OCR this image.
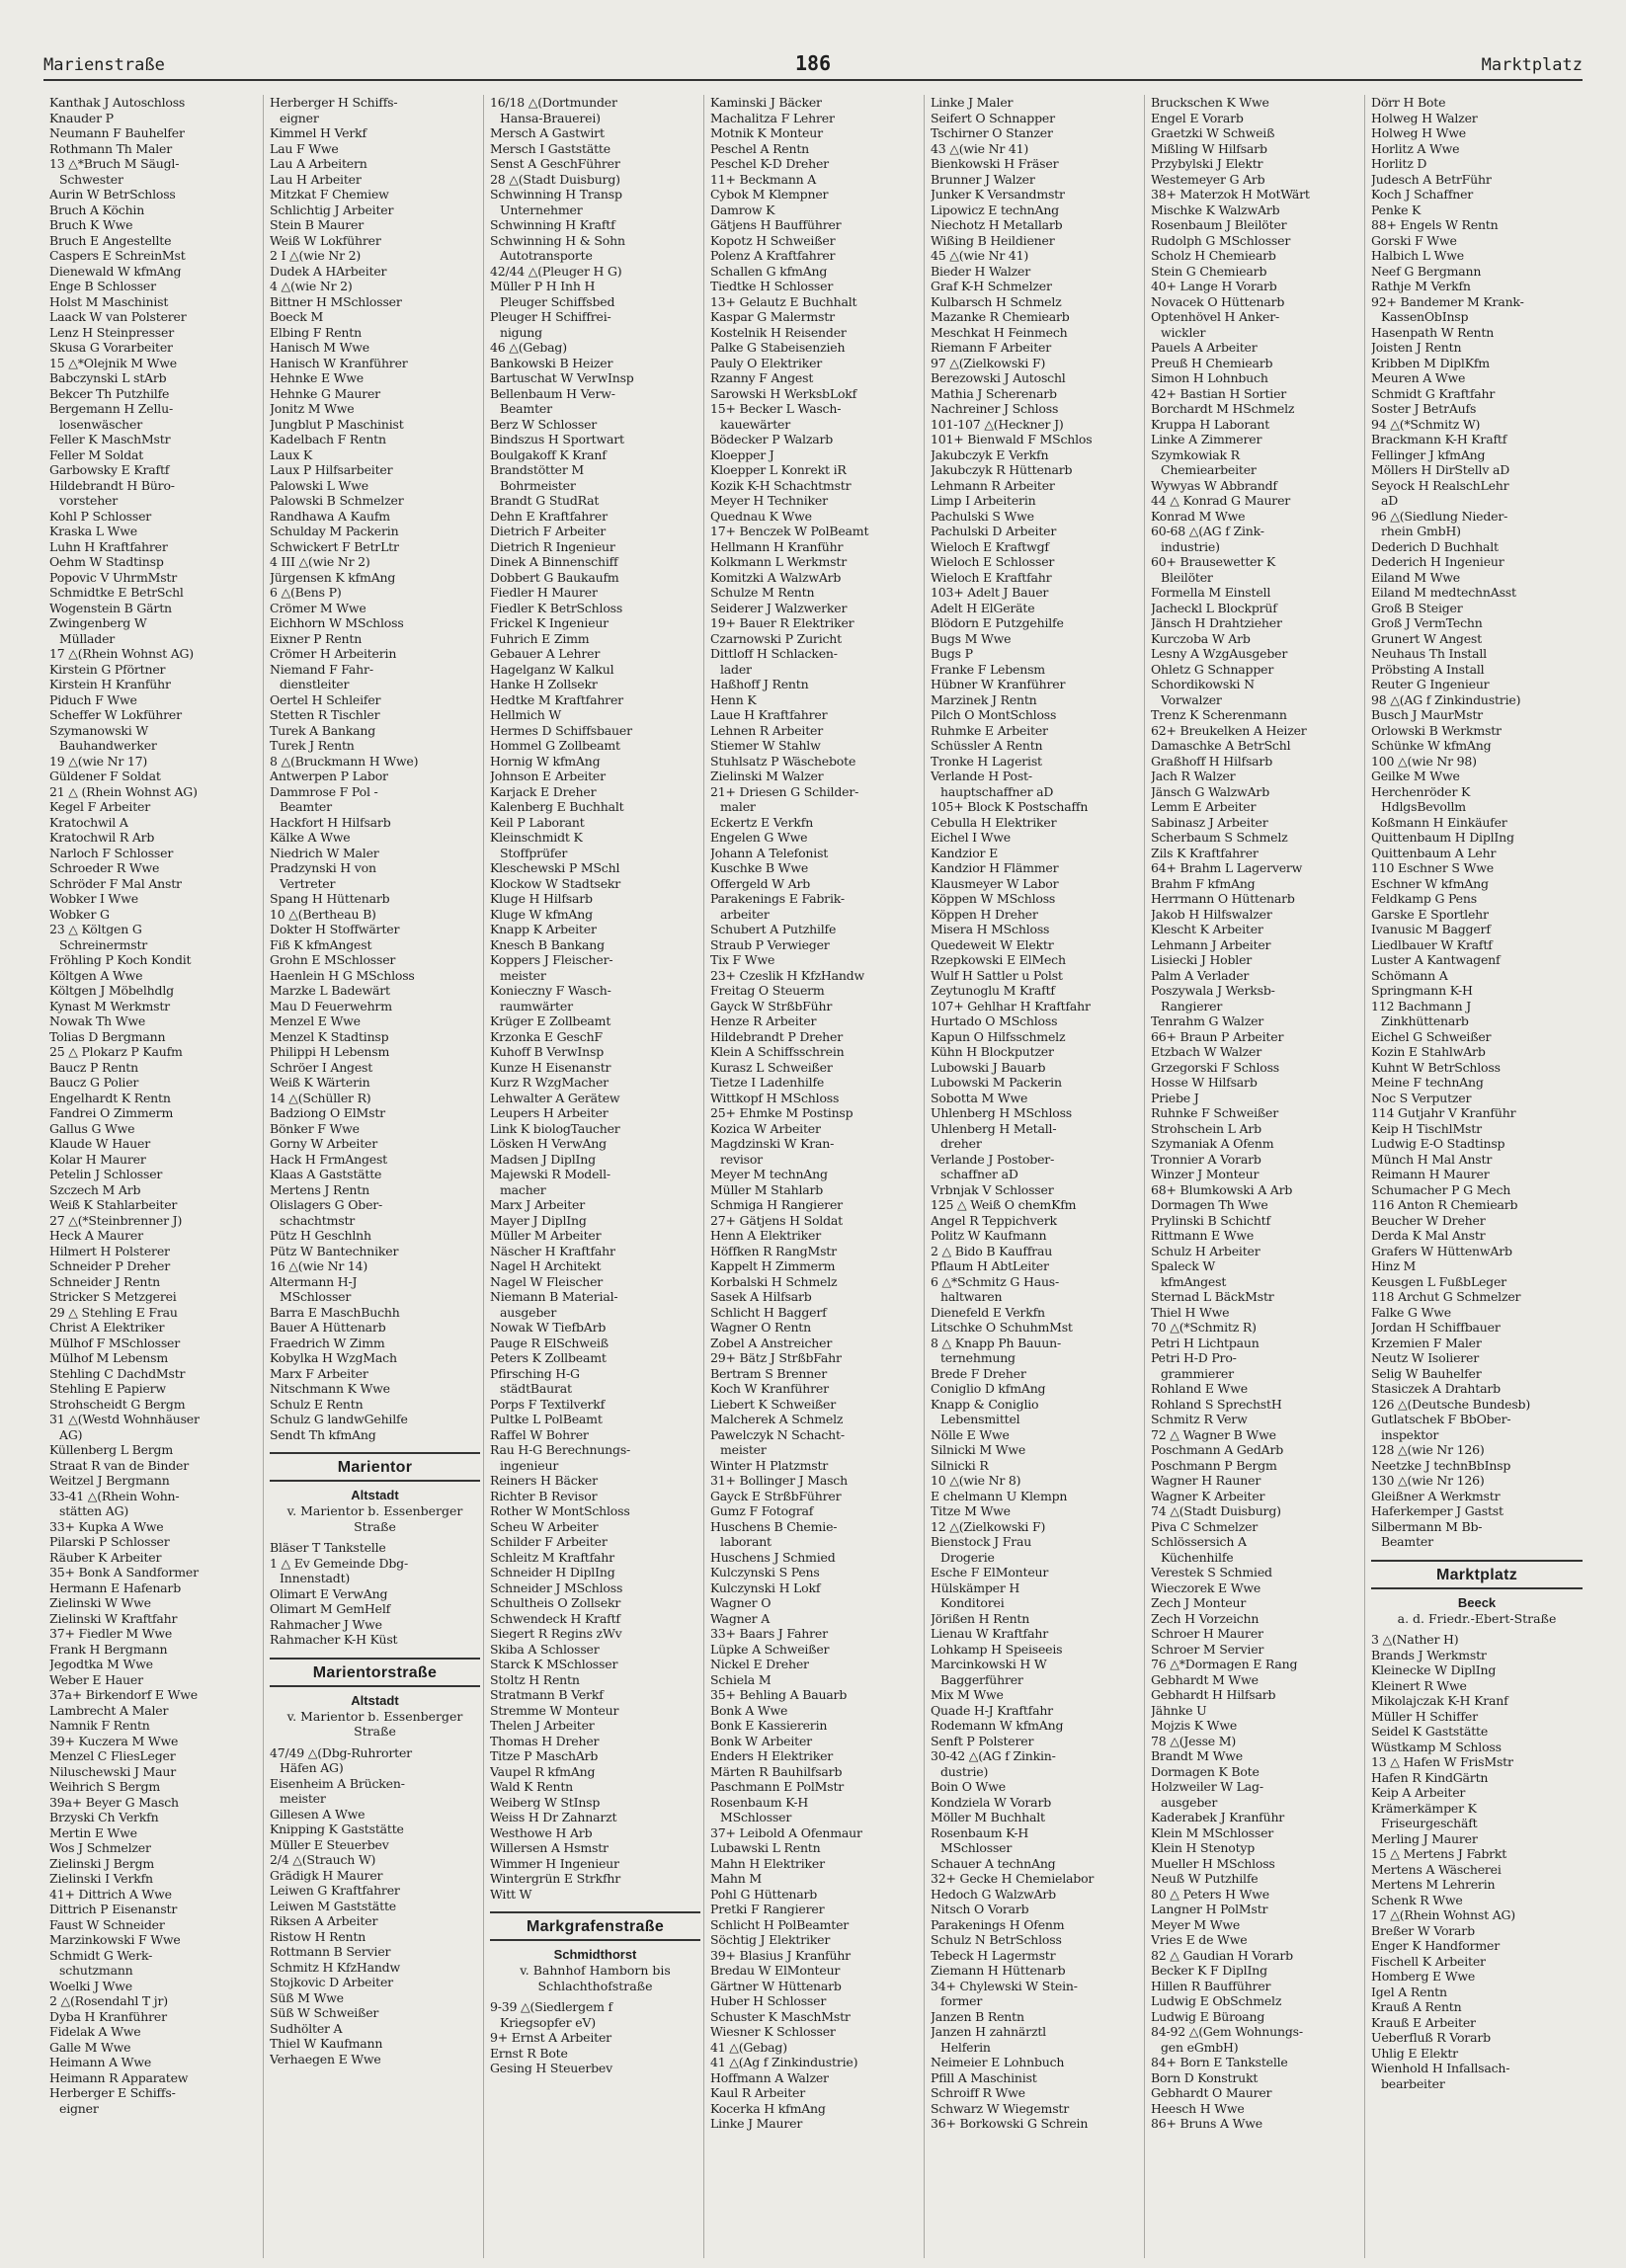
Marienstraße	186	Marktplatz
Kanthak J Autoschloss
Knauder P
Neumann F Bauhelfer
Rothmann Th Maler
13 △*Bruch M Säugl-
Schwester
Aurin W BetrSchloss
Bruch A Köchin
Bruch K Wwe
Bruch E Angestellte
Caspers E SchreinMst
Dienewald W kfmAng
Enge B Schlosser
Holst M Maschinist
Laack W van Polsterer
Lenz H Steinpresser
Skusa G Vorarbeiter
15 △*Olejnik M Wwe
Babczynski L stArb
Bekcer Th Putzhilfe
Bergemann H Zellu-
losenwäscher
Feller K MaschMstr
Feller M Soldat
Garbowsky E Kraftf
Hildebrandt H Büro-
vorsteher
Kohl P Schlosser
Kraska L Wwe
Luhn H Kraftfahrer
Oehm W Stadtinsp
Popovic V UhrmMstr
Schmidtke E BetrSchl
Wogenstein B Gärtn
Zwingenberg W
Müllader
17 △(Rhein Wohnst AG)
Kirstein G Pförtner
Kirstein H Kranführ
Piduch F Wwe
Scheffer W Lokführer
Szymanowski W
Bauhandwerker
19 △(wie Nr 17)
Güldener F Soldat
21 △ (Rhein Wohnst AG)
Kegel F Arbeiter
Kratochwil A
Kratochwil R Arb
Narloch F Schlosser
Schroeder R Wwe
Schröder F Mal Anstr
Wobker I Wwe
Wobker G
23 △ Költgen G
Schreinermstr
Fröhling P Koch Kondit
Költgen A Wwe
Költgen J Möbelhdlg
Kynast M Werkmstr
Nowak Th Wwe
Tolias D Bergmann
25 △ Plokarz P Kaufm
Baucz P Rentn
Baucz G Polier
Engelhardt K Rentn
Fandrei O Zimmerm
Gallus G Wwe
Klaude W Hauer
Kolar H Maurer
Petelin J Schlosser
Szczech M Arb
Weiß K Stahlarbeiter
27 △(*Steinbrenner J)
Heck A Maurer
Hilmert H Polsterer
Schneider P Dreher
Schneider J Rentn
Stricker S Metzgerei
29 △ Stehling E Frau
Christ A Elektriker
Mülhof F MSchlosser
Mülhof M Lebensm
Stehling C DachdMstr
Stehling E Papierw
Strohscheidt G Bergm
31 △(Westd Wohnhäuser
AG)
Küllenberg L Bergm
Straat R van de Binder
Weitzel J Bergmann
33-41 △(Rhein Wohn-
stätten AG)
33+ Kupka A Wwe
Pilarski P Schlosser
Räuber K Arbeiter
35+ Bonk A Sandformer
Hermann E Hafenarb
Zielinski W Wwe
Zielinski W Kraftfahr
37+ Fiedler M Wwe
Frank H Bergmann
Jegodtka M Wwe
Weber E Hauer
37a+ Birkendorf E Wwe
Lambrecht A Maler
Namnik F Rentn
39+ Kuczera M Wwe
Menzel C FliesLeger
Niluschewski J Maur
Weihrich S Bergm
39a+ Beyer G Masch
Brzyski Ch Verkfn
Mertin E Wwe
Wos J Schmelzer
Zielinski J Bergm
Zielinski I Verkfn
41+ Dittrich A Wwe
Dittrich P Eisenanstr
Faust W Schneider
Marzinkowski F Wwe
Schmidt G Werk-
schutzmann
Woelki J Wwe
2 △(Rosendahl T jr)
Dyba H Kranführer
Fidelak A Wwe
Galle M Wwe
Heimann A Wwe
Heimann R Apparatew
Herberger E Schiffs-
eigner
Herberger H Schiffs-
eigner
Kimmel H Verkf
Lau F Wwe
Lau A Arbeitern
Lau H Arbeiter
Mitzkat F Chemiew
Schlichtig J Arbeiter
Stein B Maurer
Weiß W Lokführer
2 I △(wie Nr 2)
Dudek A HArbeiter
4 △(wie Nr 2)
Bittner H MSchlosser
Boeck M
Elbing F Rentn
Hanisch M Wwe
Hanisch W Kranführer
Hehnke E Wwe
Hehnke G Maurer
Jonitz M Wwe
Jungblut P Maschinist
Kadelbach F Rentn
Laux K
Laux P Hilfsarbeiter
Palowski L Wwe
Palowski B Schmelzer
Randhawa A Kaufm
Schulday M Packerin
Schwickert F BetrLtr
4 III △(wie Nr 2)
Jürgensen K kfmAng
6 △(Bens P)
Crömer M Wwe
Eichhorn W MSchloss
Eixner P Rentn
Crömer H Arbeiterin
Niemand F Fahr-
dienstleiter
Oertel H Schleifer
Stetten R Tischler
Turek A Bankang
Turek J Rentn
8 △(Bruckmann H Wwe)
Antwerpen P Labor
Dammrose F Pol -
Beamter
Hackfort H Hilfsarb
Kälke A Wwe
Niedrich W Maler
Pradzynski H von
Vertreter
Spang H Hüttenarb
10 △(Bertheau B)
Dokter H Stoffwärter
Fiß K kfmAngest
Grohn E MSchlosser
Haenlein H G MSchloss
Marzke L Badewärt
Mau D Feuerwehrm
Menzel E Wwe
Menzel K Stadtinsp
Philippi H Lebensm
Schröer I Angest
Weiß K Wärterin
14 △(Schüller R)
Badziong O ElMstr
Bönker F Wwe
Gorny W Arbeiter
Hack H FrmAngest
Klaas A Gaststätte
Mertens J Rentn
Olislagers G Ober-
schachtmstr
Pütz H Geschlnh
Pütz W Bantechniker
16 △(wie Nr 14)
Altermann H-J
MSchlosser
Barra E MaschBuchh
Bauer A Hüttenarb
Fraedrich W Zimm
Kobylka H WzgMach
Marx F Arbeiter
Nitschmann K Wwe
Schulz E Rentn
Schulz G landwGehilfe
Sendt Th kfmAng
Marientor
Altstadt
v. Marientor b. Essenberger Straße
Bläser T Tankstelle
1 △ Ev Gemeinde Dbg-
Innenstadt)
Olimart E VerwAng
Olimart M GemHelf
Rahmacher J Wwe
Rahmacher K-H Küst
Marientorstraße
Altstadt
v. Marientor b. Essenberger Straße
47/49 △(Dbg-Ruhrorter
Häfen AG)
Eisenheim A Brücken-
meister
Gillesen A Wwe
Knipping K Gaststätte
Müller E Steuerbev
2/4 △(Strauch W)
Grädigk H Maurer
Leiwen G Kraftfahrer
Leiwen M Gaststätte
Riksen A Arbeiter
Ristow H Rentn
Rottmann B Servier
Schmitz H KfzHandw
Stojkovic D Arbeiter
Süß M Wwe
Süß W Schweißer
Sudhölter A
Thiel W Kaufmann
Verhaegen E Wwe
16/18 △(Dortmunder
Hansa-Brauerei)
Mersch A Gastwirt
Mersch I Gaststätte
Senst A GeschFührer
28 △(Stadt Duisburg)
Schwinning H Transp
Unternehmer
Schwinning H Kraftf
Schwinning H & Sohn
Autotransporte
42/44 △(Pleuger H G)
Müller P H Inh H
Pleuger Schiffsbed
Pleuger H Schiffrei-
nigung
46 △(Gebag)
Bankowski B Heizer
Bartuschat W VerwInsp
Bellenbaum H Verw-
Beamter
Berz W Schlosser
Bindszus H Sportwart
Boulgakoff K Kranf
Brandstötter M
Bohrmeister
Brandt G StudRat
Dehn E Kraftfahrer
Dietrich F Arbeiter
Dietrich R Ingenieur
Dinek A Binnenschiff
Dobbert G Baukaufm
Fiedler H Maurer
Fiedler K BetrSchloss
Frickel K Ingenieur
Fuhrich E Zimm
Gebauer A Lehrer
Hagelganz W Kalkul
Hanke H Zollsekr
Hedtke M Kraftfahrer
Hellmich W
Hermes D Schiffsbauer
Hommel G Zollbeamt
Hornig W kfmAng
Johnson E Arbeiter
Karjack E Dreher
Kalenberg E Buchhalt
Keil P Laborant
Kleinschmidt K
Stoffprüfer
Kleschewski P MSchl
Klockow W Stadtsekr
Kluge H Hilfsarb
Kluge W kfmAng
Knapp K Arbeiter
Knesch B Bankang
Koppers J Fleischer-
meister
Konieczny F Wasch-
raumwärter
Krüger E Zollbeamt
Krzonka E GeschF
Kuhoff B VerwInsp
Kunze H Eisenanstr
Kurz R WzgMacher
Lehwalter A Gerätew
Leupers H Arbeiter
Link K biologTaucher
Lösken H VerwAng
Madsen J DiplIng
Majewski R Modell-
macher
Marx J Arbeiter
Mayer J DiplIng
Müller M Arbeiter
Näscher H Kraftfahr
Nagel H Architekt
Nagel W Fleischer
Niemann B Material-
ausgeber
Nowak W TiefbArb
Pauge R ElSchweiß
Peters K Zollbeamt
Pfirsching H-G
städtBaurat
Porps F Textilverkf
Pultke L PolBeamt
Raffel W Bohrer
Rau H-G Berechnungs-
ingenieur
Reiners H Bäcker
Richter B Revisor
Rother W MontSchloss
Scheu W Arbeiter
Schilder F Arbeiter
Schleitz M Kraftfahr
Schneider H DiplIng
Schneider J MSchloss
Schultheis O Zollsekr
Schwendeck H Kraftf
Siegert R Regins zWv
Skiba A Schlosser
Starck K MSchlosser
Stoltz H Rentn
Stratmann B Verkf
Stremme W Monteur
Thelen J Arbeiter
Thomas H Dreher
Titze P MaschArb
Vaupel R kfmAng
Wald K Rentn
Weiberg W StInsp
Weiss H Dr Zahnarzt
Westhowe H Arb
Willersen A Hsmstr
Wimmer H Ingenieur
Wintergrün E Strkfhr
Witt W
Markgrafenstraße
Schmidthorst
v. Bahnhof Hamborn bis Schlachthofstraße
9-39 △(Siedlergem f
Kriegsopfer eV)
9+ Ernst A Arbeiter
Ernst R Bote
Gesing H Steuerbev
Kaminski J Bäcker
Machalitza F Lehrer
Motnik K Monteur
Peschel A Rentn
Peschel K-D Dreher
11+ Beckmann A
Cybok M Klempner
Damrow K
Gätjens H Baufführer
Kopotz H Schweißer
Polenz A Kraftfahrer
Schallen G kfmAng
Tiedtke H Schlosser
13+ Gelautz E Buchhalt
Kaspar G Malermstr
Kostelnik H Reisender
Palke G Stabeisenzieh
Pauly O Elektriker
Rzanny F Angest
Sarowski H WerksbLokf
15+ Becker L Wasch-
kauewärter
Bödecker P Walzarb
Kloepper J
Kloepper L Konrekt iR
Kozik K-H Schachtmstr
Meyer H Techniker
Quednau K Wwe
17+ Benczek W PolBeamt
Hellmann H Kranführ
Kolkmann L Werkmstr
Komitzki A WalzwArb
Schulze M Rentn
Seiderer J Walzwerker
19+ Bauer R Elektriker
Czarnowski P Zuricht
Dittloff H Schlacken-
lader
Haßhoff J Rentn
Henn K
Laue H Kraftfahrer
Lehnen R Arbeiter
Stiemer W Stahlw
Stuhlsatz P Wäschebote
Zielinski M Walzer
21+ Driesen G Schilder-
maler
Eckertz E Verkfn
Engelen G Wwe
Johann A Telefonist
Kuschke B Wwe
Offergeld W Arb
Parakenings E Fabrik-
arbeiter
Schubert A Putzhilfe
Straub P Verwieger
Tix F Wwe
23+ Czeslik H KfzHandw
Freitag O Steuerm
Gayck W StrßbFühr
Henze R Arbeiter
Hildebrandt P Dreher
Klein A Schiffsschrein
Kurasz L Schweißer
Tietze I Ladenhilfe
Wittkopf H MSchloss
25+ Ehmke M Postinsp
Kozica W Arbeiter
Magdzinski W Kran-
revisor
Meyer M technAng
Müller M Stahlarb
Schmiga H Rangierer
27+ Gätjens H Soldat
Henn A Elektriker
Höffken R RangMstr
Kappelt H Zimmerm
Korbalski H Schmelz
Sasek A Hilfsarb
Schlicht H Baggerf
Wagner O Rentn
Zobel A Anstreicher
29+ Bätz J StrßbFahr
Bertram S Brenner
Koch W Kranführer
Liebert K Schweißer
Malcherek A Schmelz
Pawelczyk N Schacht-
meister
Winter H Platzmstr
31+ Bollinger J Masch
Gayck E StrßbFührer
Gumz F Fotograf
Huschens B Chemie-
laborant
Huschens J Schmied
Kulczynski S Pens
Kulczynski H Lokf
Wagner O
Wagner A
33+ Baars J Fahrer
Lüpke A Schweißer
Nickel E Dreher
Schiela M
35+ Behling A Bauarb
Bonk A Wwe
Bonk E Kassiererin
Bonk W Arbeiter
Enders H Elektriker
Märten R Bauhilfsarb
Paschmann E PolMstr
Rosenbaum K-H
MSchlosser
37+ Leibold A Ofenmaur
Lubawski L Rentn
Mahn H Elektriker
Mahn M
Pohl G Hüttenarb
Pretki F Rangierer
Schlicht H PolBeamter
Söchtig J Elektriker
39+ Blasius J Kranführ
Bredau W ElMonteur
Gärtner W Hüttenarb
Huber H Schlosser
Schuster K MaschMstr
Wiesner K Schlosser
41 △(Gebag)
41 △(Ag f Zinkindustrie)
Hoffmann A Walzer
Kaul R Arbeiter
Kocerka H kfmAng
Linke J Maurer
Linke J Maler
Seifert O Schnapper
Tschirner O Stanzer
43 △(wie Nr 41)
Bienkowski H Fräser
Brunner J Walzer
Junker K Versandmstr
Lipowicz E technAng
Niechotz H Metallarb
Wißing B Heildiener
45 △(wie Nr 41)
Bieder H Walzer
Graf K-H Schmelzer
Kulbarsch H Schmelz
Mazanke R Chemiearb
Meschkat H Feinmech
Riemann F Arbeiter
97 △(Zielkowski F)
Berezowski J Autoschl
Mathia J Scherenarb
Nachreiner J Schloss
101-107 △(Heckner J)
101+ Bienwald F MSchlos
Jakubczyk E Verkfn
Jakubczyk R Hüttenarb
Lehmann R Arbeiter
Limp I Arbeiterin
Pachulski S Wwe
Pachulski D Arbeiter
Wieloch E Kraftwgf
Wieloch E Schlosser
Wieloch E Kraftfahr
103+ Adelt J Bauer
Adelt H ElGeräte
Blödorn E Putzgehilfe
Bugs M Wwe
Bugs P
Franke F Lebensm
Hübner W Kranführer
Marzinek J Rentn
Pilch O MontSchloss
Ruhmke E Arbeiter
Schüssler A Rentn
Tronke H Lagerist
Verlande H Post-
hauptschaffner aD
105+ Block K Postschaffn
Cebulla H Elektriker
Eichel I Wwe
Kandzior E
Kandzior H Flämmer
Klausmeyer W Labor
Köppen W MSchloss
Köppen H Dreher
Misera H MSchloss
Quedeweit W Elektr
Rzepkowski E ElMech
Wulf H Sattler u Polst
Zeytunoglu M Kraftf
107+ Gehlhar H Kraftfahr
Hurtado O MSchloss
Kapun O Hilfsschmelz
Kühn H Blockputzer
Lubowski J Bauarb
Lubowski M Packerin
Sobotta M Wwe
Uhlenberg H MSchloss
Uhlenberg H Metall-
dreher
Verlande J Postober-
schaffner aD
Vrbnjak V Schlosser
125 △ Weiß O chemKfm
Angel R Teppichverk
Politz W Kaufmann
2 △ Bido B Kauffrau
Pflaum H AbtLeiter
6 △*Schmitz G Haus-
haltwaren
Dienefeld E Verkfn
Litschke O SchuhmMst
8 △ Knapp Ph Bauun-
ternehmung
Brede F Dreher
Coniglio D kfmAng
Knapp & Coniglio
Lebensmittel
Nölle E Wwe
Silnicki M Wwe
Silnicki R
10 △(wie Nr 8)
E chelmann U Klempn
Titze M Wwe
12 △(Zielkowski F)
Bienstock J Frau
Drogerie
Esche F ElMonteur
Hülskämper H
Konditorei
Jörißen H Rentn
Lienau W Kraftfahr
Lohkamp H Speiseeis
Marcinkowski H W
Baggerführer
Mix M Wwe
Quade H-J Kraftfahr
Rodemann W kfmAng
Senft P Polsterer
30-42 △(AG f Zinkin-
dustrie)
Boin O Wwe
Kondziela W Vorarb
Möller M Buchhalt
Rosenbaum K-H
MSchlosser
Schauer A technAng
32+ Gecke H Chemielabor
Hedoch G WalzwArb
Nitsch O Vorarb
Parakenings H Ofenm
Schulz N BetrSchloss
Tebeck H Lagermstr
Ziemann H Hüttenarb
34+ Chylewski W Stein-
former
Janzen B Rentn
Janzen H zahnärztl
Helferin
Neimeier E Lohnbuch
Pfill A Maschinist
Schroiff R Wwe
Schwarz W Wiegemstr
36+ Borkowski G Schrein
Bruckschen K Wwe
Engel E Vorarb
Graetzki W Schweiß
Mißling W Hilfsarb
Przybylski J Elektr
Westemeyer G Arb
38+ Materzok H MotWärt
Mischke K WalzwArb
Rosenbaum J Bleilöter
Rudolph G MSchlosser
Scholz H Chemiearb
Stein G Chemiearb
40+ Lange H Vorarb
Novacek O Hüttenarb
Optenhövel H Anker-
wickler
Pauels A Arbeiter
Preuß H Chemiearb
Simon H Lohnbuch
42+ Bastian H Sortier
Borchardt M HSchmelz
Kruppa H Laborant
Linke A Zimmerer
Szymkowiak R
Chemiearbeiter
Wywyas W Abbrandf
44 △ Konrad G Maurer
Konrad M Wwe
60-68 △(AG f Zink-
industrie)
60+ Brausewetter K
Bleilöter
Formella M Einstell
Jacheckl L Blockprüf
Jänsch H Drahtzieher
Kurczoba W Arb
Lesny A WzgAusgeber
Ohletz G Schnapper
Schordikowski N
Vorwalzer
Trenz K Scherenmann
62+ Breukelken A Heizer
Damaschke A BetrSchl
Graßhoff H Hilfsarb
Jach R Walzer
Jänsch G WalzwArb
Lemm E Arbeiter
Sabinasz J Arbeiter
Scherbaum S Schmelz
Zils K Kraftfahrer
64+ Brahm L Lagerverw
Brahm F kfmAng
Herrmann O Hüttenarb
Jakob H Hilfswalzer
Klescht K Arbeiter
Lehmann J Arbeiter
Lisiecki J Hobler
Palm A Verlader
Poszywala J Werksb-
Rangierer
Tenrahm G Walzer
66+ Braun P Arbeiter
Etzbach W Walzer
Grzegorski F Schloss
Hosse W Hilfsarb
Priebe J
Ruhnke F Schweißer
Strohschein L Arb
Szymaniak A Ofenm
Tronnier A Vorarb
Winzer J Monteur
68+ Blumkowski A Arb
Dormagen Th Wwe
Prylinski B Schichtf
Rittmann E Wwe
Schulz H Arbeiter
Spaleck W
kfmAngest
Sternad L BäckMstr
Thiel H Wwe
70 △(*Schmitz R)
Petri H Lichtpaun
Petri H-D Pro-
grammierer
Rohland E Wwe
Rohland S SprechstH
Schmitz R Verw
72 △ Wagner B Wwe
Poschmann A GedArb
Poschmann P Bergm
Wagner H Rauner
Wagner K Arbeiter
74 △(Stadt Duisburg)
Piva C Schmelzer
Schlössersich A
Küchenhilfe
Verestek S Schmied
Wieczorek E Wwe
Zech J Monteur
Zech H Vorzeichn
Schroer H Maurer
Schroer M Servier
76 △*Dormagen E Rang
Gebhardt M Wwe
Gebhardt H Hilfsarb
Jähnke U
Mojzis K Wwe
78 △(Jesse M)
Brandt M Wwe
Dormagen K Bote
Holzweiler W Lag-
ausgeber
Kaderabek J Kranführ
Klein M MSchlosser
Klein H Stenotyp
Mueller H MSchloss
Neuß W Putzhilfe
80 △ Peters H Wwe
Langner H PolMstr
Meyer M Wwe
Vries E de Wwe
82 △ Gaudian H Vorarb
Becker K F DiplIng
Hillen R Baufführer
Ludwig E ObSchmelz
Ludwig E Büroang
84-92 △(Gem Wohnungs-
gen eGmbH)
84+ Born E Tankstelle
Born D Konstrukt
Gebhardt O Maurer
Heesch H Wwe
86+ Bruns A Wwe
Dörr H Bote
Holweg H Walzer
Holweg H Wwe
Horlitz A Wwe
Horlitz D
Judesch A BetrFühr
Koch J Schaffner
Penke K
88+ Engels W Rentn
Gorski F Wwe
Halbich L Wwe
Neef G Bergmann
Rathje M Verkfn
92+ Bandemer M Krank-
KassenObInsp
Hasenpath W Rentn
Joisten J Rentn
Kribben M DiplKfm
Meuren A Wwe
Schmidt G Kraftfahr
Soster J BetrAufs
94 △(*Schmitz W)
Brackmann K-H Kraftf
Fellinger J kfmAng
Möllers H DirStellv aD
Seyock H RealschLehr
aD
96 △(Siedlung Nieder-
rhein GmbH)
Dederich D Buchhalt
Dederich H Ingenieur
Eiland M Wwe
Eiland M medtechnAsst
Groß B Steiger
Groß J VermTechn
Grunert W Angest
Neuhaus Th Install
Pröbsting A Install
Reuter G Ingenieur
98 △(AG f Zinkindustrie)
Busch J MaurMstr
Orlowski B Werkmstr
Schünke W kfmAng
100 △(wie Nr 98)
Geilke M Wwe
Herchenröder K
HdlgsBevollm
Koßmann H Einkäufer
Quittenbaum H DiplIng
Quittenbaum A Lehr
110 Eschner S Wwe
Eschner W kfmAng
Feldkamp G Pens
Garske E Sportlehr
Ivanusic M Baggerf
Liedlbauer W Kraftf
Luster A Kantwagenf
Schömann A
Springmann K-H
112 Bachmann J
Zinkhüttenarb
Eichel G Schweißer
Kozin E StahlwArb
Kuhnt W BetrSchloss
Meine F technAng
Noc S Verputzer
114 Gutjahr V Kranführ
Keip H TischlMstr
Ludwig E-O Stadtinsp
Münch H Mal Anstr
Reimann H Maurer
Schumacher P G Mech
116 Anton R Chemiearb
Beucher W Dreher
Derda K Mal Anstr
Grafers W HüttenwArb
Hinz M
Keusgen L FußbLeger
118 Archut G Schmelzer
Falke G Wwe
Jordan H Schiffbauer
Krzemien F Maler
Neutz W Isolierer
Selig W Bauhelfer
Stasiczek A Drahtarb
126 △(Deutsche Bundesb)
Gutlatschek F BbOber-
inspektor
128 △(wie Nr 126)
Neetzke J technBbInsp
130 △(wie Nr 126)
Gleißner A Werkmstr
Haferkemper J Gastst
Silbermann M Bb-
Beamter
Marktplatz
Beeck
a. d. Friedr.-Ebert-Straße
3 △(Nather H)
Brands J Werkmstr
Kleinecke W DiplIng
Kleinert R Wwe
Mikolajczak K-H Kranf
Müller H Schiffer
Seidel K Gaststätte
Wüstkamp M Schloss
13 △ Hafen W FrisMstr
Hafen R KindGärtn
Keip A Arbeiter
Krämerkämper K
Friseurgeschäft
Merling J Maurer
15 △ Mertens J Fabrkt
Mertens A Wäscherei
Mertens M Lehrerin
Schenk R Wwe
17 △(Rhein Wohnst AG)
Breßer W Vorarb
Enger K Handformer
Fischell K Arbeiter
Homberg E Wwe
Igel A Rentn
Krauß A Rentn
Krauß E Arbeiter
Ueberfluß R Vorarb
Uhlig E Elektr
Wienhold H Infallsach-
bearbeiter
